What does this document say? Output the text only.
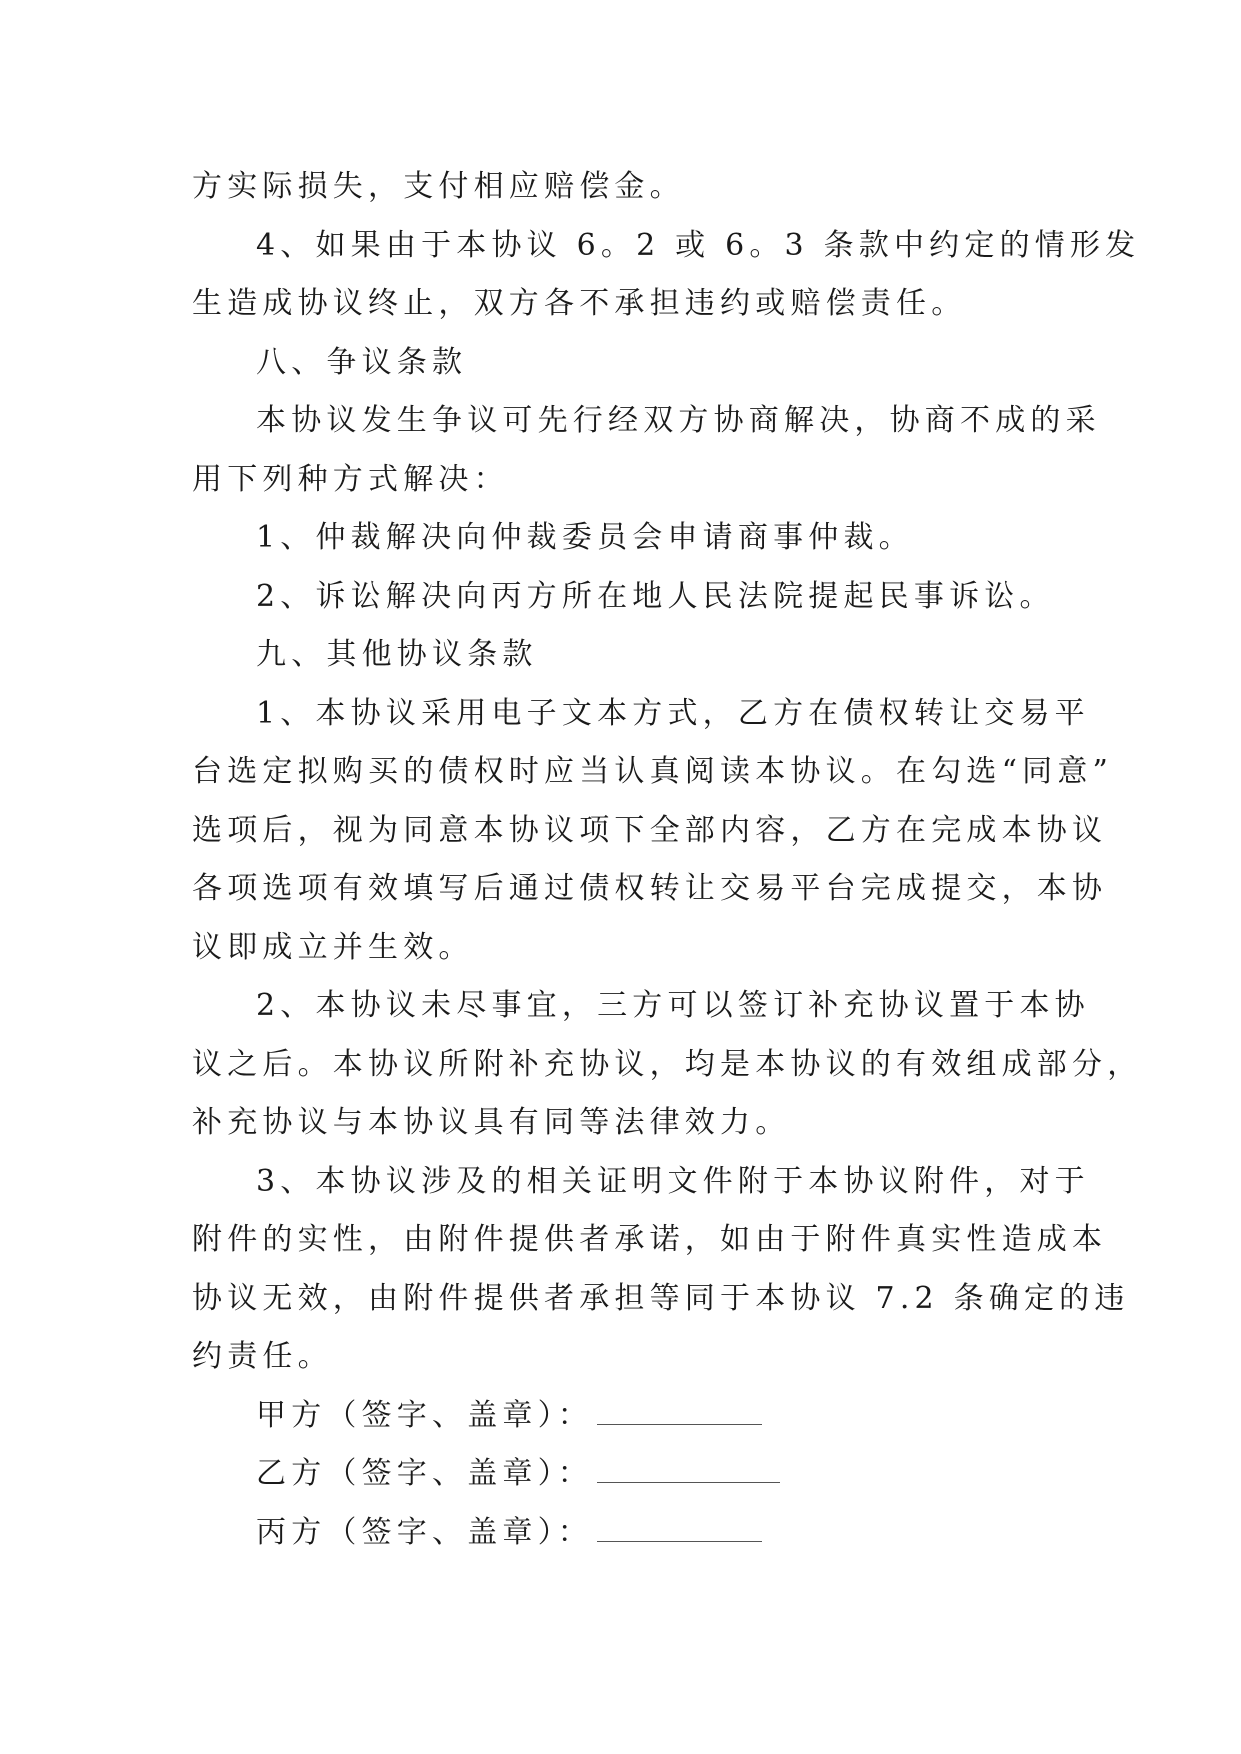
方实际损失，支付相应赔偿金。
4、如果由于本协议 6。2 或 6。3 条款中约定的情形发
生造成协议终止，双方各不承担违约或赔偿责任。
八、争议条款
本协议发生争议可先行经双方协商解决，协商不成的采
用下列种方式解决：
1、仲裁解决向仲裁委员会申请商事仲裁。
2、诉讼解决向丙方所在地人民法院提起民事诉讼。
九、其他协议条款
1、本协议采用电子文本方式，乙方在债权转让交易平
台选定拟购买的债权时应当认真阅读本协议。在勾选“同意”
选项后，视为同意本协议项下全部内容，乙方在完成本协议
各项选项有效填写后通过债权转让交易平台完成提交，本协
议即成立并生效。
2、本协议未尽事宜，三方可以签订补充协议置于本协
议之后。本协议所附补充协议，均是本协议的有效组成部分，
补充协议与本协议具有同等法律效力。
3、本协议涉及的相关证明文件附于本协议附件，对于
附件的实性，由附件提供者承诺，如由于附件真实性造成本
协议无效，由附件提供者承担等同于本协议 7.2 条确定的违
约责任。
甲方（签字、盖章）：
乙方（签字、盖章）：
丙方（签字、盖章）：
